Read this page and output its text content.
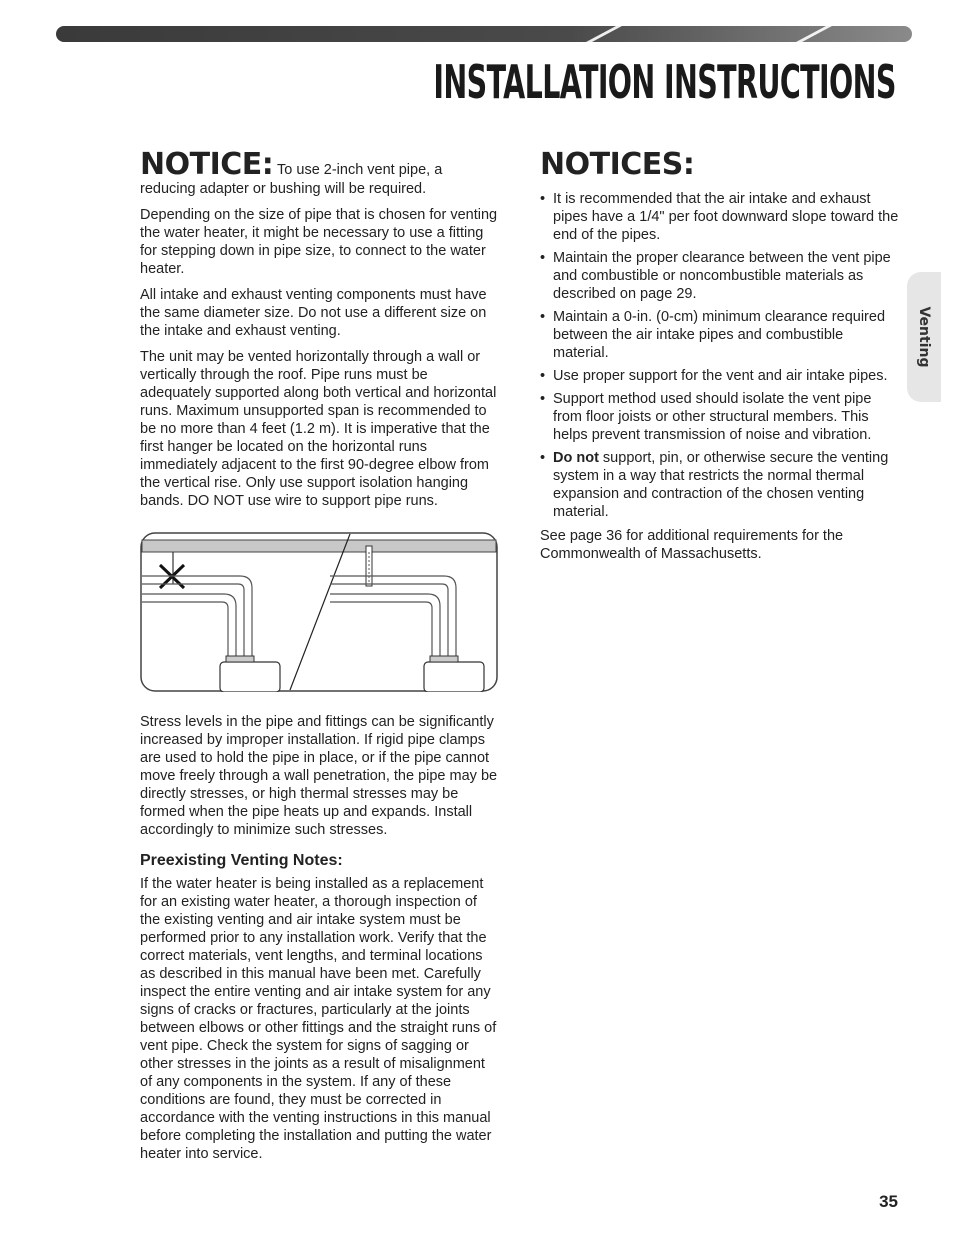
INSTALLATION INSTRUCTIONS
Venting

NOTICE: To use 2-inch vent pipe, a reducing adapter or bushing will be required.

Depending on the size of pipe that is chosen for venting the water heater, it might be necessary to use a fitting for stepping down in pipe size, to connect to the water heater.

All intake and exhaust venting components must have the same diameter size. Do not use a different size on the intake and exhaust venting.

The unit may be vented horizontally through a wall or vertically through the roof. Pipe runs must be adequately supported along both vertical and horizontal runs. Maximum unsupported span is recommended to be no more than 4 feet (1.2 m). It is imperative that the first hanger be located on the horizontal runs immediately adjacent to the first 90-degree elbow from the vertical rise. Only use support isolation hanging bands. DO NOT use wire to support pipe runs.

Stress levels in the pipe and fittings can be significantly increased by improper installation. If rigid pipe clamps are used to hold the pipe in place, or if the pipe cannot move freely through a wall penetration, the pipe may be directly stresses, or high thermal stresses may be formed when the pipe heats up and expands. Install accordingly to minimize such stresses.

Preexisting Venting Notes:

If the water heater is being installed as a replacement for an existing water heater, a thorough inspection of the existing venting and air intake system must be performed prior to any installation work. Verify that the correct materials, vent lengths, and terminal locations as described in this manual have been met. Carefully inspect the entire venting and air intake system for any signs of cracks or fractures, particularly at the joints between elbows or other fittings and the straight runs of vent pipe. Check the system for signs of sagging or other stresses in the joints as a result of misalignment of any components in the system. If any of these conditions are found, they must be corrected in accordance with the venting instructions in this manual before completing the installation and putting the water heater into service.

NOTICES:
• It is recommended that the air intake and exhaust pipes have a 1/4" per foot downward slope toward the end of the pipes.
• Maintain the proper clearance between the vent pipe and combustible or noncombustible materials as described on page 29.
• Maintain a 0-in. (0-cm) minimum clearance required between the air intake pipes and combustible material.
• Use proper support for the vent and air intake pipes.
• Support method used should isolate the vent pipe from floor joists or other structural members. This helps prevent transmission of noise and vibration.
• Do not support, pin, or otherwise secure the venting system in a way that restricts the normal thermal expansion and contraction of the chosen venting material.

See page 36 for additional requirements for the Commonwealth of Massachusetts.

35
